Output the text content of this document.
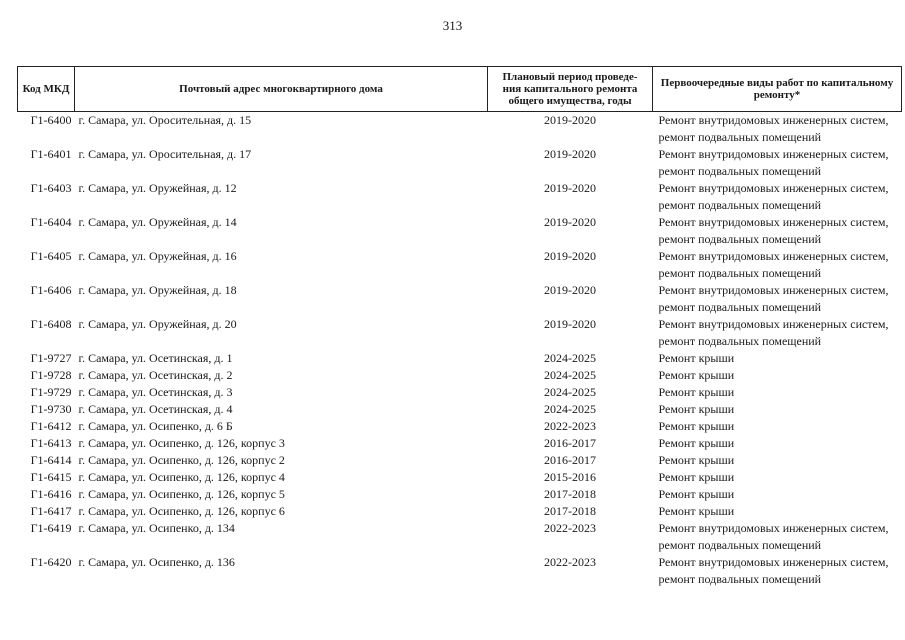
313
Код МКД	Почтовый адрес многоквартирного дома	Плановый период проведе-
ния капитального ремонта
общего имущества, годы	Первоочередные виды работ по капитальному
ремонту*

Г1-6400	г. Самара, ул. Оросительная, д. 15	2019-2020	Ремонт внутридомовых инженерных систем,
ремонт подвальных помещений

Г1-6401	г. Самара, ул. Оросительная, д. 17	2019-2020	Ремонт внутридомовых инженерных систем,
ремонт подвальных помещений

Г1-6403	г. Самара, ул. Оружейная, д. 12	2019-2020	Ремонт внутридомовых инженерных систем,
ремонт подвальных помещений

Г1-6404	г. Самара, ул. Оружейная, д. 14	2019-2020	Ремонт внутридомовых инженерных систем,
ремонт подвальных помещений

Г1-6405	г. Самара, ул. Оружейная, д. 16	2019-2020	Ремонт внутридомовых инженерных систем,
ремонт подвальных помещений

Г1-6406	г. Самара, ул. Оружейная, д. 18	2019-2020	Ремонт внутридомовых инженерных систем,
ремонт подвальных помещений

Г1-6408	г. Самара, ул. Оружейная, д. 20	2019-2020	Ремонт внутридомовых инженерных систем,
ремонт подвальных помещений

Г1-9727	г. Самара, ул. Осетинская, д. 1	2024-2025	Ремонт крыши

Г1-9728	г. Самара, ул. Осетинская, д. 2	2024-2025	Ремонт крыши

Г1-9729	г. Самара, ул. Осетинская, д. 3	2024-2025	Ремонт крыши

Г1-9730	г. Самара, ул. Осетинская, д. 4	2024-2025	Ремонт крыши

Г1-6412	г. Самара, ул. Осипенко, д. 6 Б	2022-2023	Ремонт крыши

Г1-6413	г. Самара, ул. Осипенко, д. 126, корпус 3	2016-2017	Ремонт крыши

Г1-6414	г. Самара, ул. Осипенко, д. 126, корпус 2	2016-2017	Ремонт крыши

Г1-6415	г. Самара, ул. Осипенко, д. 126, корпус 4	2015-2016	Ремонт крыши

Г1-6416	г. Самара, ул. Осипенко, д. 126, корпус 5	2017-2018	Ремонт крыши

Г1-6417	г. Самара, ул. Осипенко, д. 126, корпус 6	2017-2018	Ремонт крыши

Г1-6419	г. Самара, ул. Осипенко, д. 134	2022-2023	Ремонт внутридомовых инженерных систем,
ремонт подвальных помещений

Г1-6420	г. Самара, ул. Осипенко, д. 136	2022-2023	Ремонт внутридомовых инженерных систем,
ремонт подвальных помещений
